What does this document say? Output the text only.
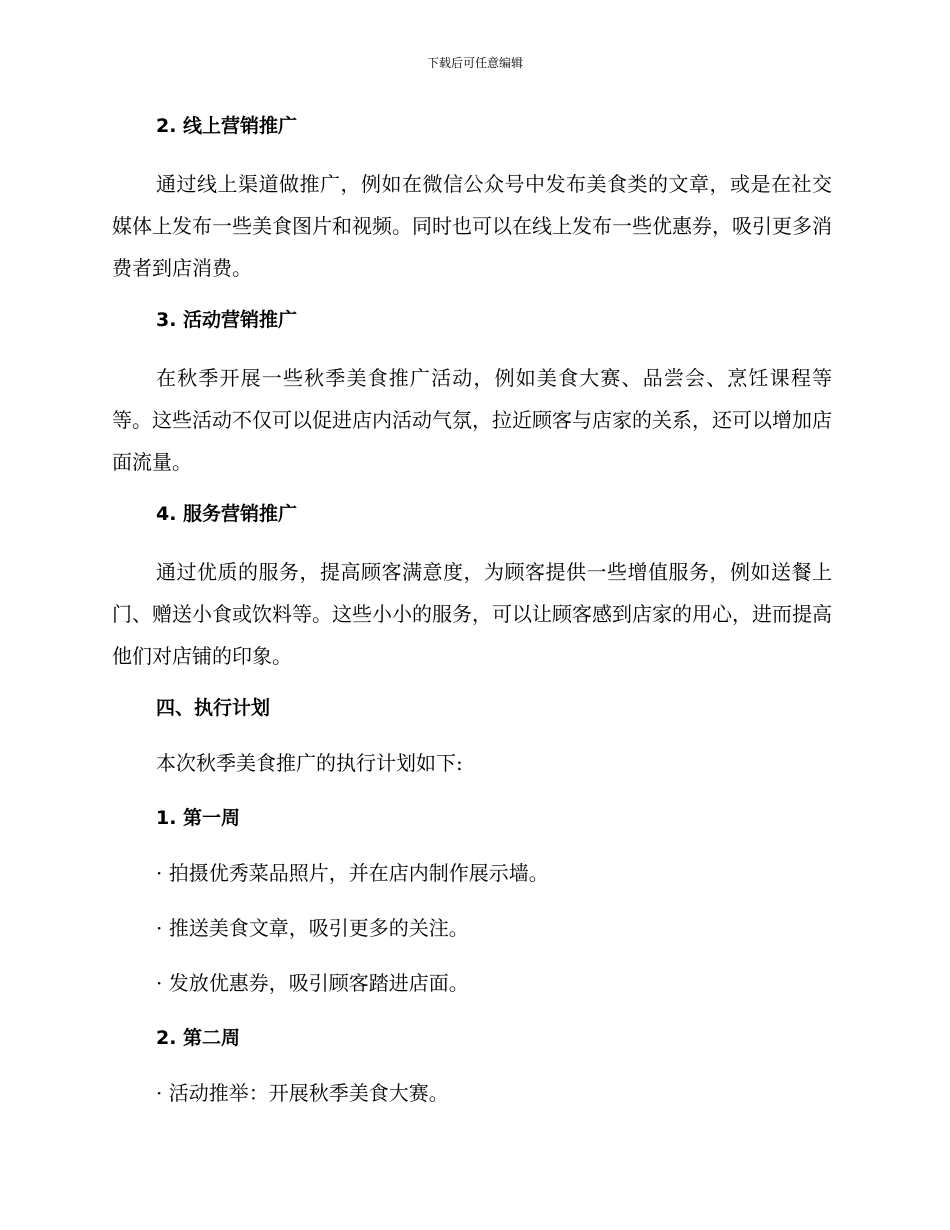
下载后可任意编辑
2. 线上营销推广
通过线上渠道做推广，例如在微信公众号中发布美食类的文章，或是在社交媒体上发布一些美食图片和视频。同时也可以在线上发布一些优惠券，吸引更多消费者到店消费。
3. 活动营销推广
在秋季开展一些秋季美食推广活动，例如美食大赛、品尝会、烹饪课程等等。这些活动不仅可以促进店内活动气氛，拉近顾客与店家的关系，还可以增加店面流量。
4. 服务营销推广
通过优质的服务，提高顾客满意度，为顾客提供一些增值服务，例如送餐上门、赠送小食或饮料等。这些小小的服务，可以让顾客感到店家的用心，进而提高他们对店铺的印象。
四、执行计划
本次秋季美食推广的执行计划如下:
1. 第一周
· 拍摄优秀菜品照片，并在店内制作展示墙。
· 推送美食文章，吸引更多的关注。
· 发放优惠券，吸引顾客踏进店面。
2. 第二周
· 活动推举：开展秋季美食大赛。
